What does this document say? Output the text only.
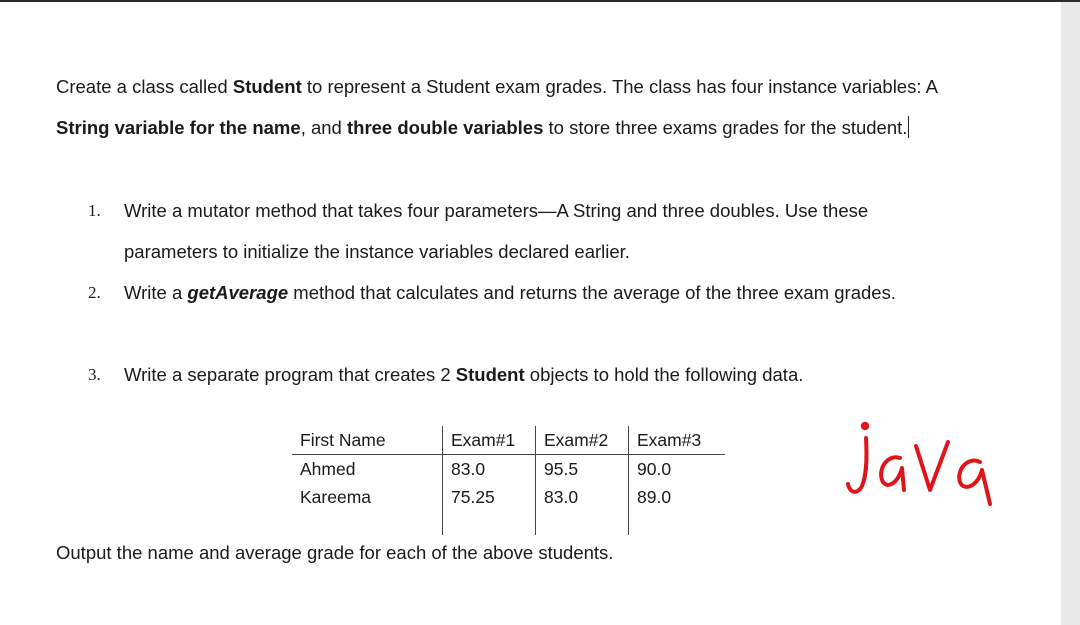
Create a class called Student to represent a Student exam grades. The class has four instance variables: A String variable for the name, and three double variables to store three exams grades for the student.

1.	Write a mutator method that takes four parameters—A String and three doubles. Use these parameters to initialize the instance variables declared earlier.
2.	Write a getAverage method that calculates and returns the average of the three exam grades.
3.	Write a separate program that creates 2 Student objects to hold the following data.
First Name	Exam#1	Exam#2	Exam#3
Ahmed	83.0	95.5	90.0
Kareema	75.25	83.0	89.0

Output the name and average grade for each of the above students.
